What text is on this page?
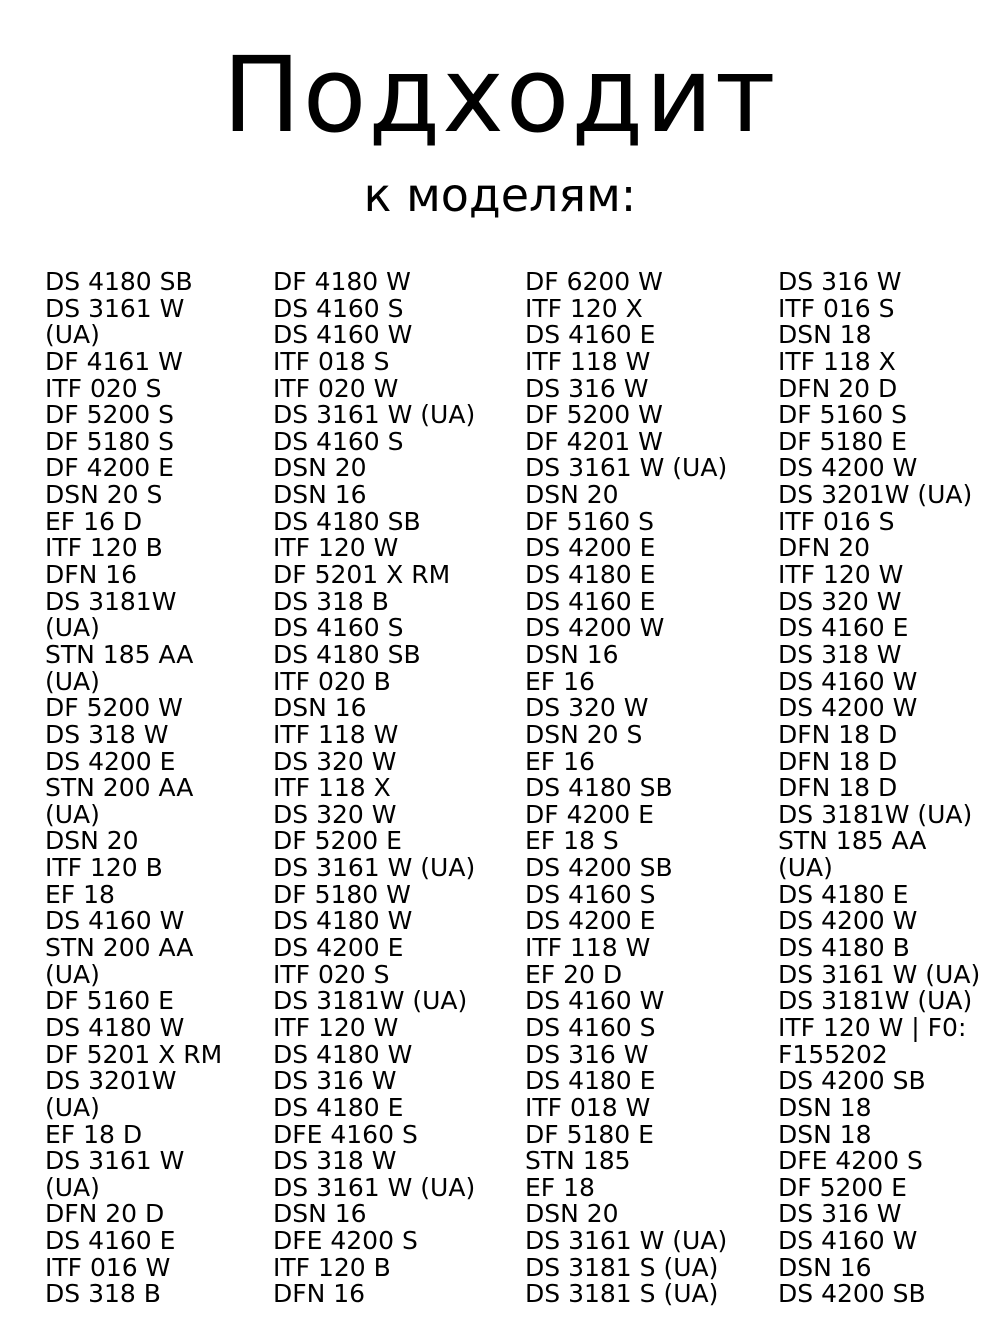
Подходит
к моделям:
DS 4180 SB
DS 3161 W
(UA)
DF 4161 W
ITF 020 S
DF 5200 S
DF 5180 S
DF 4200 E
DSN 20 S
EF 16 D
ITF 120 B
DFN 16
DS 3181W
(UA)
STN 185 AA
(UA)
DF 5200 W
DS 318 W
DS 4200 E
STN 200 AA
(UA)
DSN 20
ITF 120 B
EF 18
DS 4160 W
STN 200 AA
(UA)
DF 5160 E
DS 4180 W
DF 5201 X RM
DS 3201W
(UA)
EF 18 D
DS 3161 W
(UA)
DFN 20 D
DS 4160 E
ITF 016 W
DS 318 B
DF 4180 W
DS 4160 S
DS 4160 W
ITF 018 S
ITF 020 W
DS 3161 W (UA)
DS 4160 S
DSN 20
DSN 16
DS 4180 SB
ITF 120 W
DF 5201 X RM
DS 318 B
DS 4160 S
DS 4180 SB
ITF 020 B
DSN 16
ITF 118 W
DS 320 W
ITF 118 X
DS 320 W
DF 5200 E
DS 3161 W (UA)
DF 5180 W
DS 4180 W
DS 4200 E
ITF 020 S
DS 3181W (UA)
ITF 120 W
DS 4180 W
DS 316 W
DS 4180 E
DFE 4160 S
DS 318 W
DS 3161 W (UA)
DSN 16
DFE 4200 S
ITF 120 B
DFN 16
DF 6200 W
ITF 120 X
DS 4160 E
ITF 118 W
DS 316 W
DF 5200 W
DF 4201 W
DS 3161 W (UA)
DSN 20
DF 5160 S
DS 4200 E
DS 4180 E
DS 4160 E
DS 4200 W
DSN 16
EF 16
DS 320 W
DSN 20 S
EF 16
DS 4180 SB
DF 4200 E
EF 18 S
DS 4200 SB
DS 4160 S
DS 4200 E
ITF 118 W
EF 20 D
DS 4160 W
DS 4160 S
DS 316 W
DS 4180 E
ITF 018 W
DF 5180 E
STN 185
EF 18
DSN 20
DS 3161 W (UA)
DS 3181 S (UA)
DS 3181 S (UA)
DS 316 W
ITF 016 S
DSN 18
ITF 118 X
DFN 20 D
DF 5160 S
DF 5180 E
DS 4200 W
DS 3201W (UA)
ITF 016 S
DFN 20
ITF 120 W
DS 320 W
DS 4160 E
DS 318 W
DS 4160 W
DS 4200 W
DFN 18 D
DFN 18 D
DFN 18 D
DS 3181W (UA)
STN 185 AA
(UA)
DS 4180 E
DS 4200 W
DS 4180 B
DS 3161 W (UA)
DS 3181W (UA)
ITF 120 W | F0:
F155202
DS 4200 SB
DSN 18
DSN 18
DFE 4200 S
DF 5200 E
DS 316 W
DS 4160 W
DSN 16
DS 4200 SB
